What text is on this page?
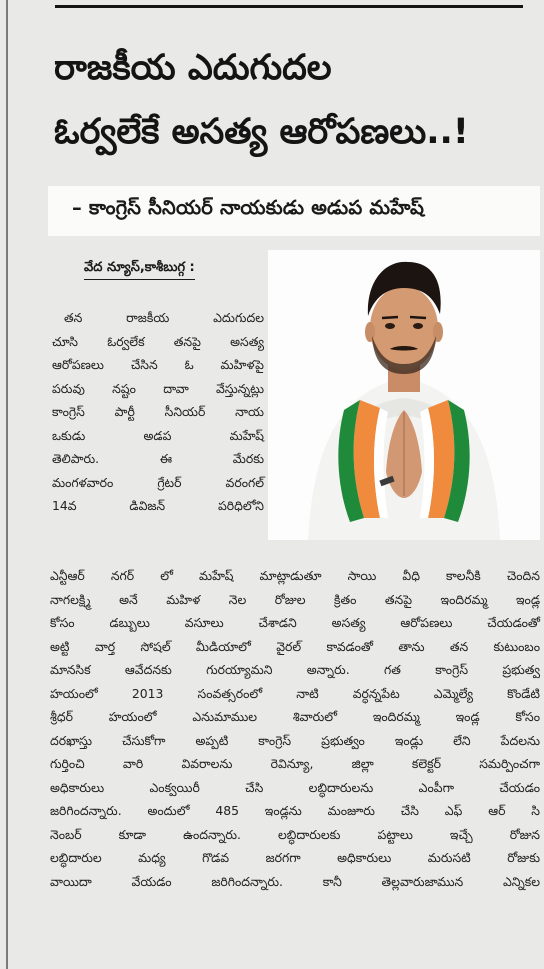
రాజకీయ ఎదుగుదల
ఓర్వలేకే అసత్య ఆరోపణలు..!
– కాంగ్రెస్ సీనియర్ నాయకుడు అడుప మహేష్
వేద న్యూస్,కాశీబుగ్గ :
తన రాజకీయ ఎదుగుదల
చూసి ఓర్వలేక తనపై అసత్య
ఆరోపణలు చేసిన ఓ మహిళపై
పరువు నష్టం దావా వేస్తున్నట్లు
కాంగ్రెస్ పార్టీ సీనియర్ నాయ
ఒకుడు అడప మహేష్
తెలిపారు. ఈ మేరకు
మంగళవారం గ్రేటర్ వరంగల్
14వ డివిజన్ పరిధిలోని
ఎన్టీఆర్ నగర్ లో మహేష్ మాట్లాడుతూ సాయి వీధి కాలనీకి చెందిన
నాగలక్ష్మి అనే మహిళ నెల రోజుల క్రితం తనపై ఇందిరమ్మ ఇండ్ల
కోసం డబ్బులు వసూలు చేశాడని అసత్య ఆరోపణలు చేయడంతో
అట్టి వార్త సోషల్ మీడియాలో వైరల్ కావడంతో తాను తన కుటుంబం
మానసిక ఆవేదనకు గురయ్యామని అన్నారు. గత కాంగ్రెస్ ప్రభుత్వ
హయంలో 2013 సంవత్సరంలో నాటి వర్ధన్నపేట ఎమ్మెల్యే కొండేటి
శ్రీధర్ హయంలో ఎనుమాముల శివారులో ఇందిరమ్మ ఇండ్ల కోసం
దరఖాస్తు చేసుకోగా అప్పటి కాంగ్రెస్ ప్రభుత్వం ఇండ్లు లేని పేదలను
గుర్తించి వారి వివరాలను రెవిన్యూ, జిల్లా కలెక్టర్ సమర్పించగా
అధికారులు ఎంక్వయిరీ చేసి లబ్ధిదారులను ఎంపీగా చేయడం
జరిగిందన్నారు. అందులో 485 ఇండ్లను మంజూరు చేసి ఎఫ్ ఆర్ సి
నెంబర్ కూడా ఉందన్నారు. లబ్ధిదారులకు పట్టాలు ఇచ్చే రోజున
లబ్ధిదారుల మధ్య గొడవ జరగగా అధికారులు మరుసటి రోజుకు
వాయిదా వేయడం జరిగిందన్నారు. కానీ తెల్లవారుజామున ఎన్నికల
